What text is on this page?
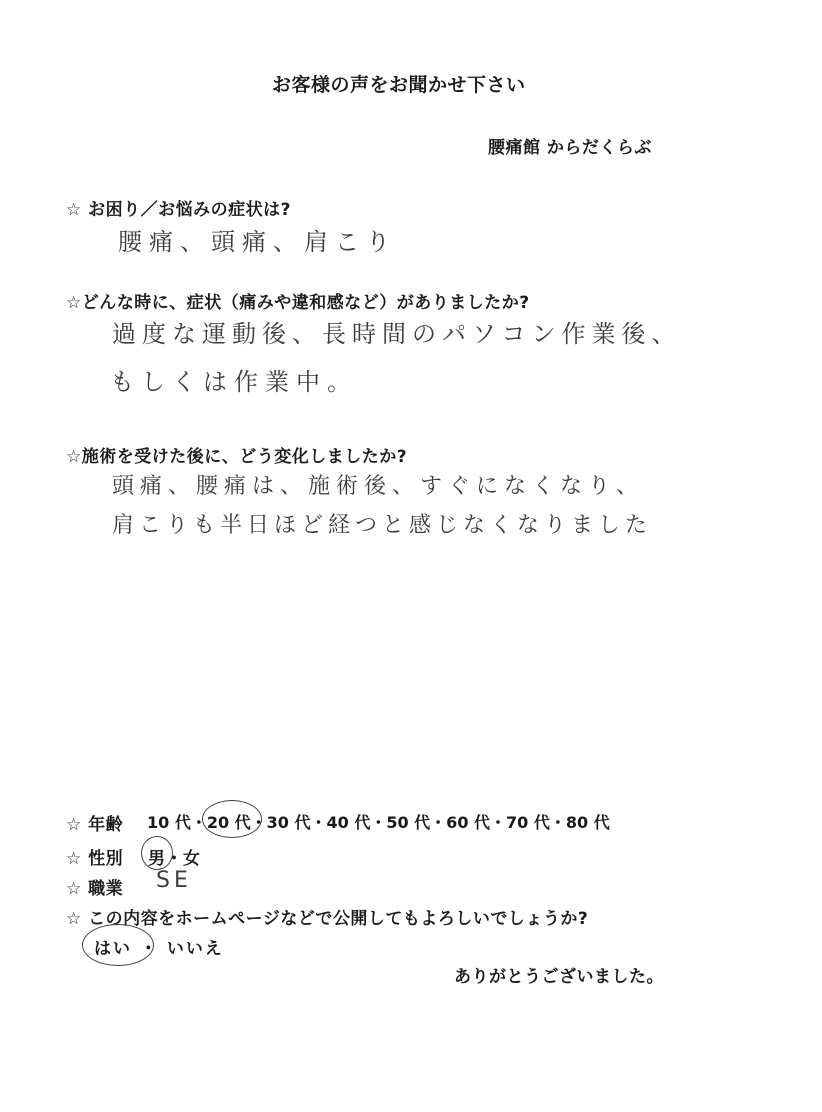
お客様の声をお聞かせ下さい
腰痛館 からだくらぶ
☆ お困り／お悩みの症状は?
腰痛、頭痛、肩こり
☆どんな時に、症状（痛みや違和感など）がありましたか?
過度な運動後、長時間のパソコン作業後、
もしくは作業中。
☆施術を受けた後に、どう変化しましたか?
頭痛、腰痛は、施術後、すぐになくなり、
肩こりも半日ほど経つと感じなくなりました
☆ 年齢 10 代・20 代・30 代・40 代・50 代・60 代・70 代・80 代
☆ 性別 男・女
☆ 職業 SE
☆ この内容をホームページなどで公開してもよろしいでしょうか?
はい ・ いいえ
ありがとうございました。
